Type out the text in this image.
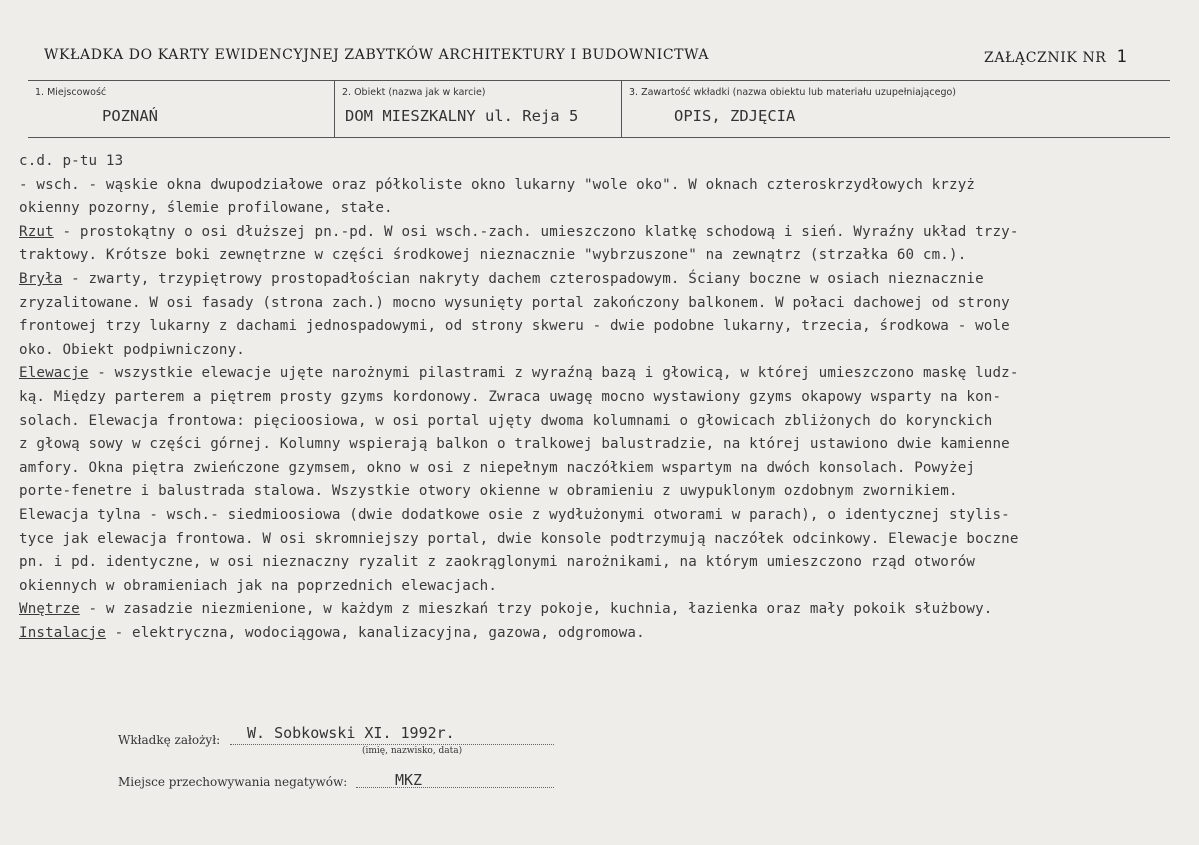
WKŁADKA DO KARTY EWIDENCYJNEJ ZABYTKÓW ARCHITEKTURY I BUDOWNICTWA	ZAŁĄCZNIK NR 1
1. Miejscowość
POZNAŃ
2. Obiekt (nazwa jak w karcie)
DOM MIESZKALNY ul. Reja 5
3. Zawartość wkładki (nazwa obiektu lub materiału uzupełniającego)
OPIS, ZDJĘCIA
c.d. p-tu 13
- wsch. - wąskie okna dwupodziałowe oraz półkoliste okno lukarny "wole oko". W oknach czteroskrzydłowych krzyż
okienny pozorny, ślemie profilowane, stałe.
Rzut - prostokątny o osi dłuższej pn.-pd. W osi wsch.-zach. umieszczono klatkę schodową i sień. Wyraźny układ trzy-
traktowy. Krótsze boki zewnętrzne w części środkowej nieznacznie "wybrzuszone" na zewnątrz (strzałka 60 cm.).
Bryła - zwarty, trzypiętrowy prostopadłościan nakryty dachem czterospadowym. Ściany boczne w osiach nieznacznie
zryzalitowane. W osi fasady (strona zach.) mocno wysunięty portal zakończony balkonem. W połaci dachowej od strony
frontowej trzy lukarny z dachami jednospadowymi, od strony skweru - dwie podobne lukarny, trzecia, środkowa - wole
oko. Obiekt podpiwniczony.
Elewacje - wszystkie elewacje ujęte narożnymi pilastrami z wyraźną bazą i głowicą, w której umieszczono maskę ludz-
ką. Między parterem a piętrem prosty gzyms kordonowy. Zwraca uwagę mocno wystawiony gzyms okapowy wsparty na kon-
solach. Elewacja frontowa: pięcioosiowa, w osi portal ujęty dwoma kolumnami o głowicach zbliżonych do korynckich
z głową sowy w części górnej. Kolumny wspierają balkon o tralkowej balustradzie, na której ustawiono dwie kamienne
amfory. Okna piętra zwieńczone gzymsem, okno w osi z niepełnym naczółkiem wspartym na dwóch konsolach. Powyżej
porte-fenetre i balustrada stalowa. Wszystkie otwory okienne w obramieniu z uwypuklonym ozdobnym zwornikiem.
Elewacja tylna - wsch.- siedmioosiowa (dwie dodatkowe osie z wydłużonymi otworami w parach), o identycznej stylis-
tyce jak elewacja frontowa. W osi skromniejszy portal, dwie konsole podtrzymują naczółek odcinkowy. Elewacje boczne
pn. i pd. identyczne, w osi nieznaczny ryzalit z zaokrąglonymi narożnikami, na którym umieszczono rząd otworów
okiennych w obramieniach jak na poprzednich elewacjach.
Wnętrze - w zasadzie niezmienione, w każdym z mieszkań trzy pokoje, kuchnia, łazienka oraz mały pokoik służbowy.
Instalacje - elektryczna, wodociągowa, kanalizacyjna, gazowa, odgromowa.
Wkładkę założył: W. Sobkowski XI. 1992r.
(imię, nazwisko, data)
Miejsce przechowywania negatywów:	MKZ
